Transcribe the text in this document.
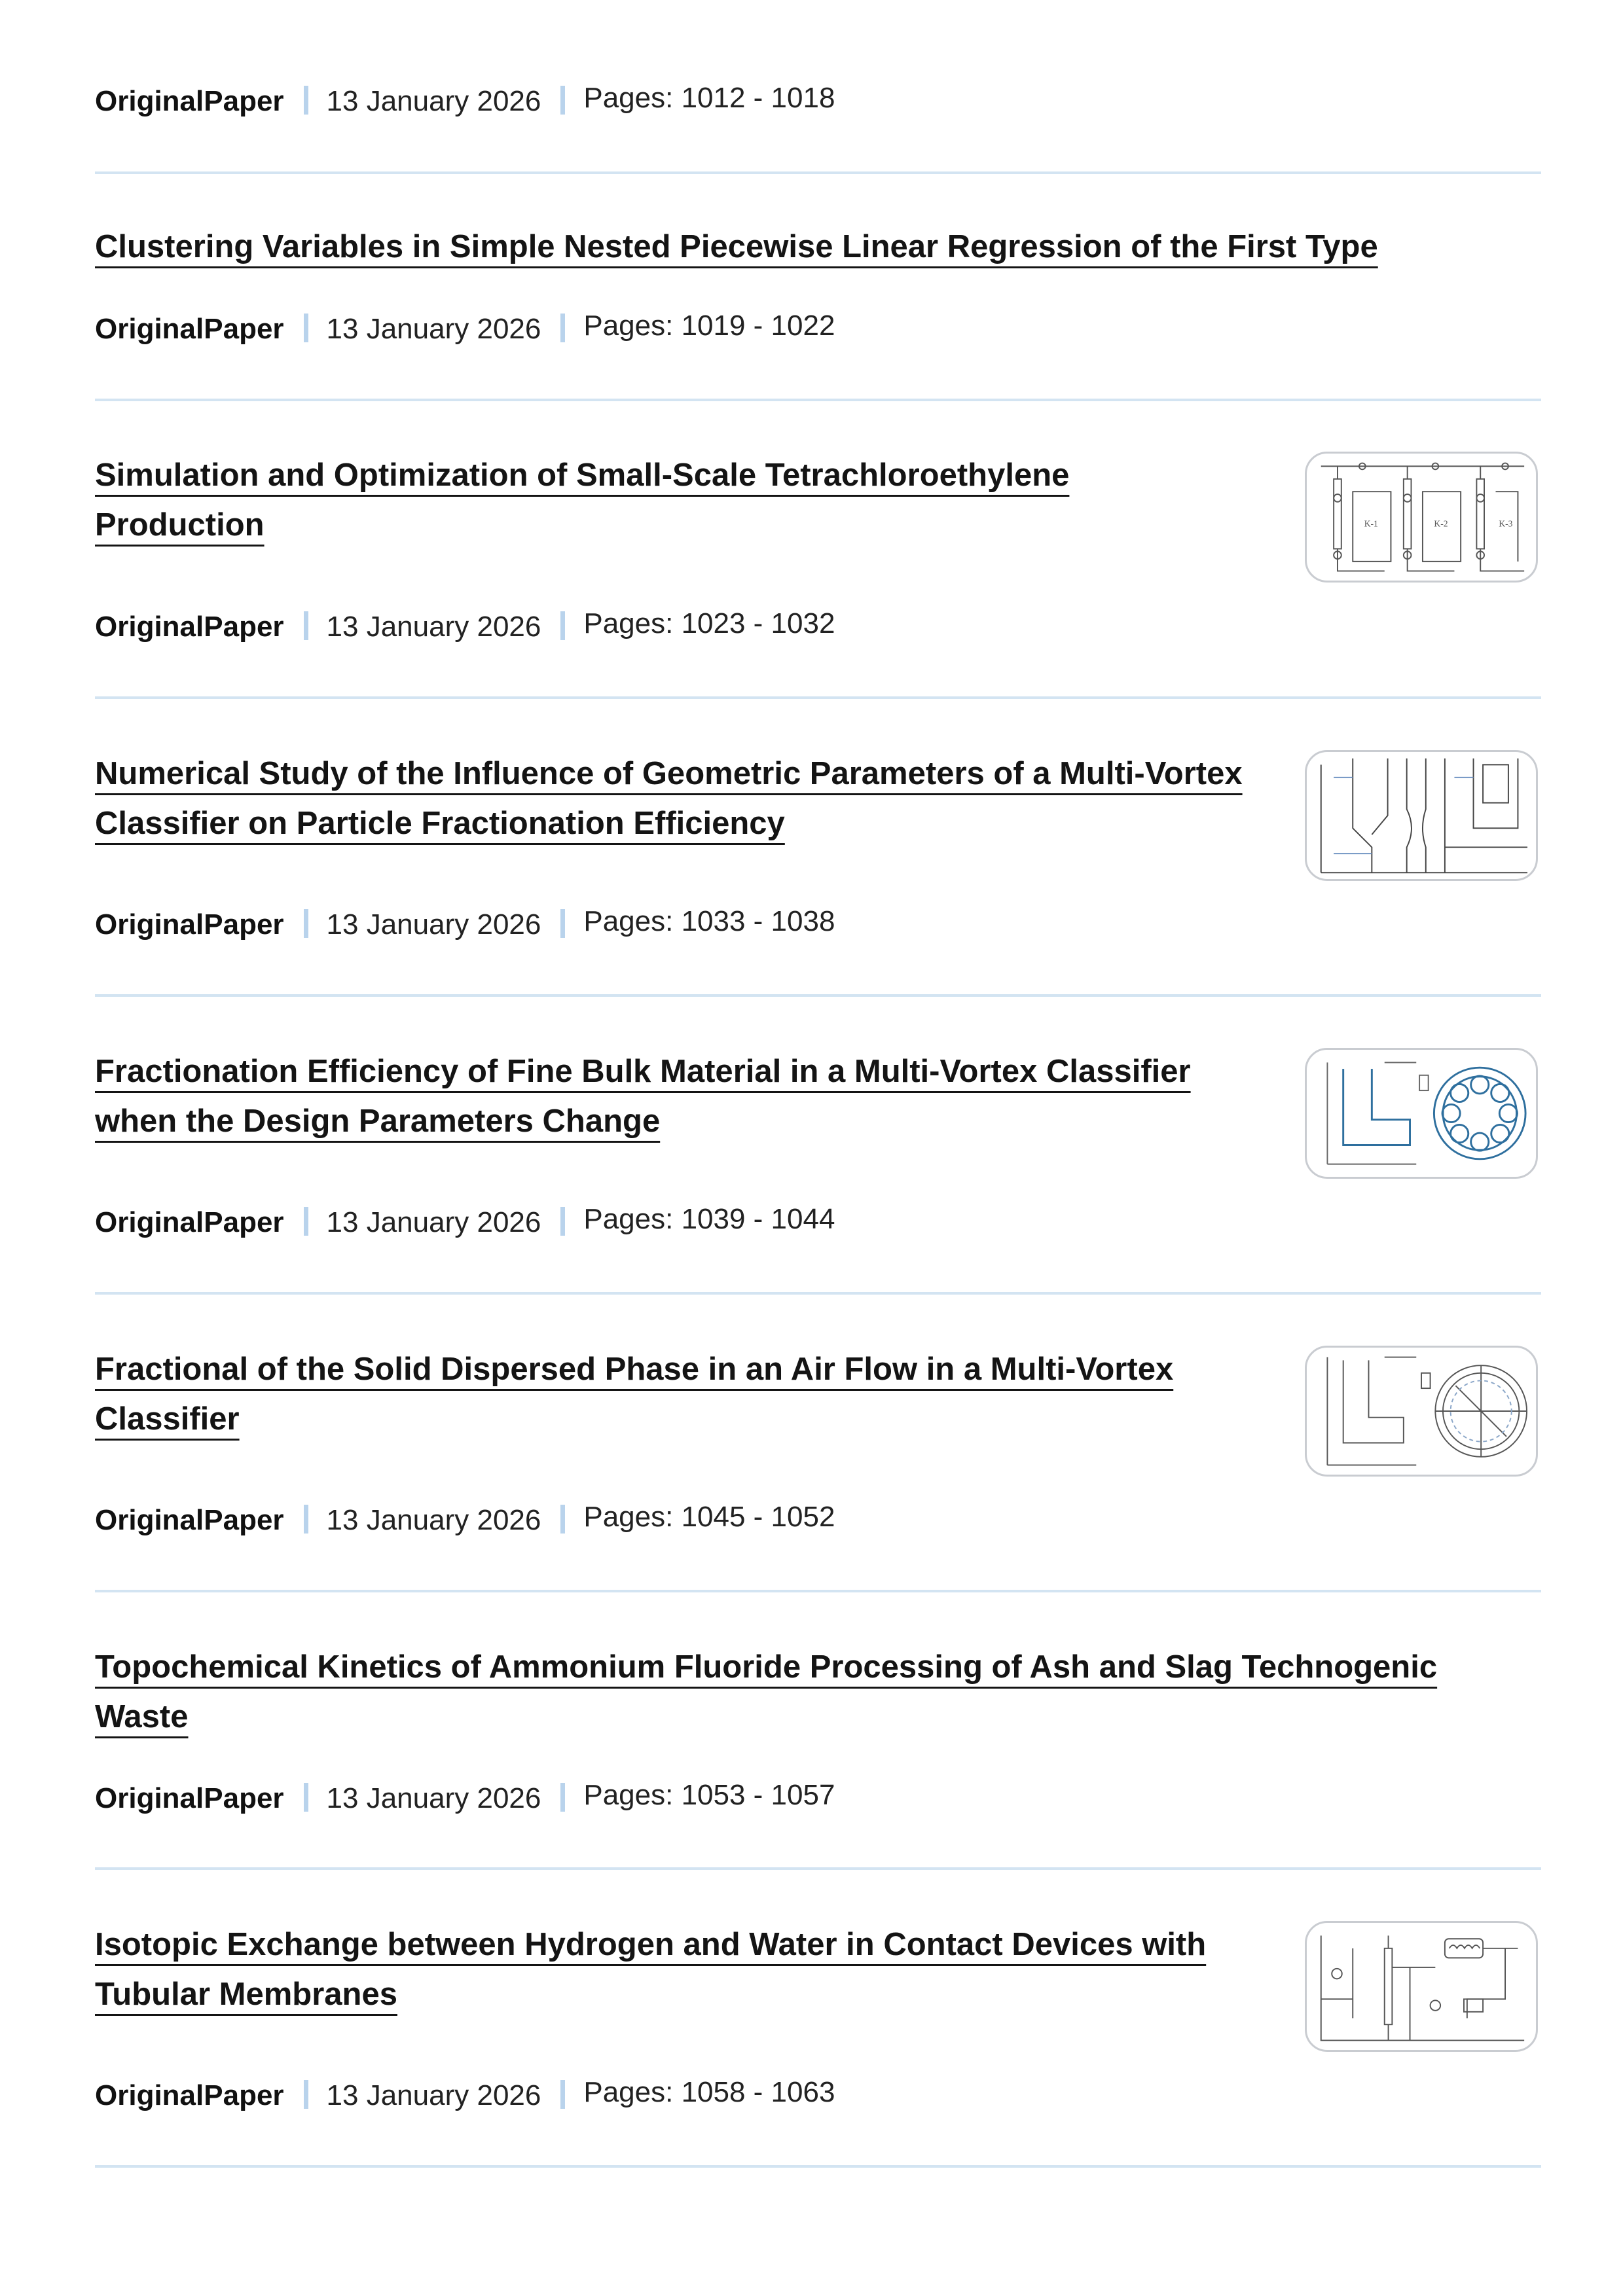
OriginalPaper 13 January 2026 Pages: 1012 - 1018
Clustering Variables in Simple Nested Piecewise Linear Regression of the First Type
OriginalPaper 13 January 2026 Pages: 1019 - 1022
Simulation and Optimization of Small-Scale Tetrachloroethylene Production	K-1	K-2	K-3
OriginalPaper 13 January 2026 Pages: 1023 - 1032
Numerical Study of the Influence of Geometric Parameters of a Multi-Vortex Classifier on Particle Fractionation Efficiency
OriginalPaper 13 January 2026 Pages: 1033 - 1038
Fractionation Efficiency of Fine Bulk Material in a Multi-Vortex Classifier when the Design Parameters Change
OriginalPaper 13 January 2026 Pages: 1039 - 1044
Fractional of the Solid Dispersed Phase in an Air Flow in a Multi-Vortex Classifier
OriginalPaper 13 January 2026 Pages: 1045 - 1052
Topochemical Kinetics of Ammonium Fluoride Processing of Ash and Slag Technogenic Waste
OriginalPaper 13 January 2026 Pages: 1053 - 1057
Isotopic Exchange between Hydrogen and Water in Contact Devices with Tubular Membranes
OriginalPaper 13 January 2026 Pages: 1058 - 1063
